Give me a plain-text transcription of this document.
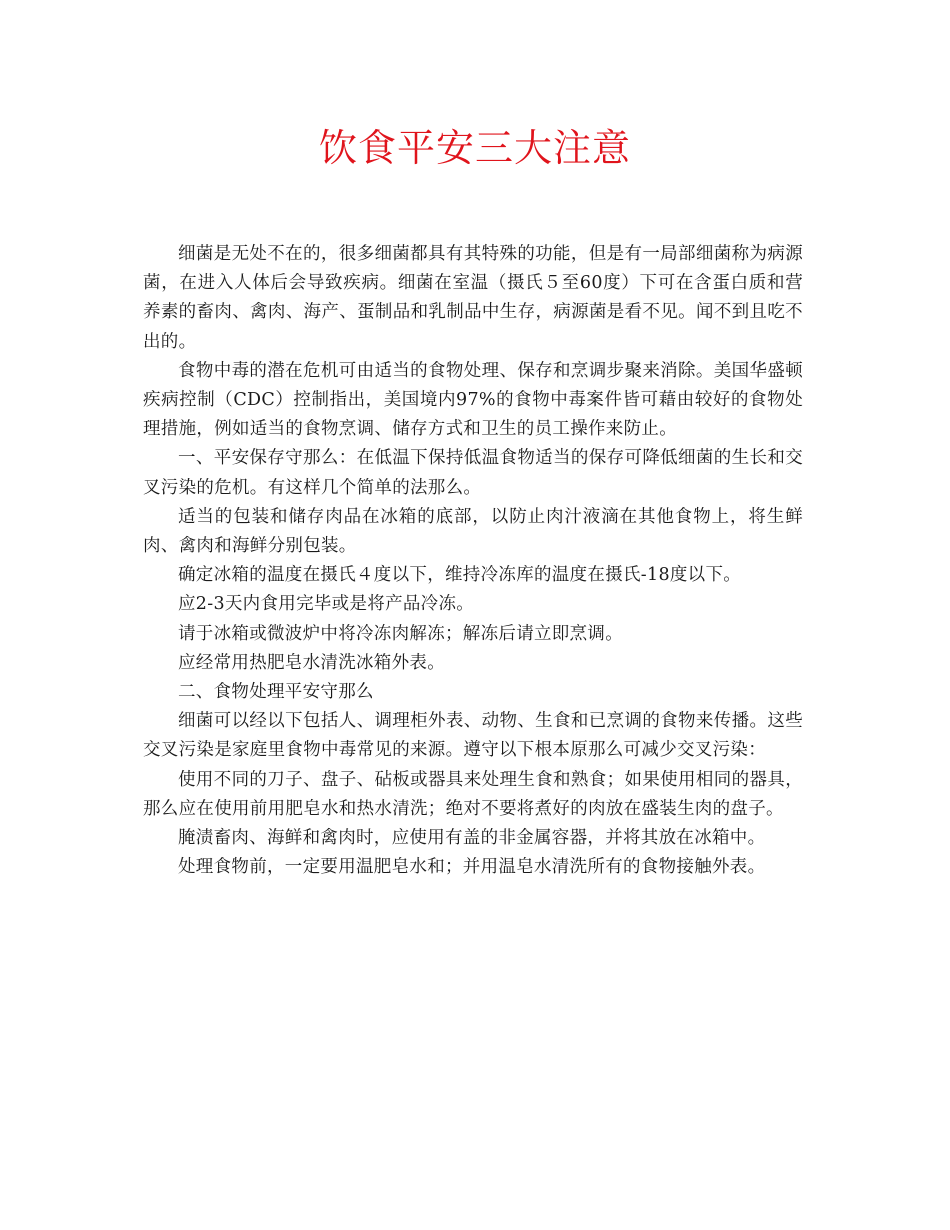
饮食平安三大注意

细菌是无处不在的，很多细菌都具有其特殊的功能，但是有一局部细菌称为病源菌，在进入人体后会导致疾病。细菌在室温（摄氏５至60度）下可在含蛋白质和营养素的畜肉、禽肉、海产、蛋制品和乳制品中生存，病源菌是看不见。闻不到且吃不出的。

食物中毒的潜在危机可由适当的食物处理、保存和烹调步聚来消除。美国华盛顿疾病控制（CDC）控制指出，美国境内97%的食物中毒案件皆可藉由较好的食物处理措施，例如适当的食物烹调、储存方式和卫生的员工操作来防止。

一、平安保存守那么：在低温下保持低温食物适当的保存可降低细菌的生长和交叉污染的危机。有这样几个简单的法那么。

适当的包装和储存肉品在冰箱的底部，以防止肉汁液滴在其他食物上，将生鲜肉、禽肉和海鲜分别包装。

确定冰箱的温度在摄氏４度以下，维持冷冻库的温度在摄氏-18度以下。

应2-3天内食用完毕或是将产品冷冻。

请于冰箱或微波炉中将冷冻肉解冻；解冻后请立即烹调。

应经常用热肥皂水清洗冰箱外表。

二、食物处理平安守那么

细菌可以经以下包括人、调理柜外表、动物、生食和已烹调的食物来传播。这些交叉污染是家庭里食物中毒常见的来源。遵守以下根本原那么可减少交叉污染：

使用不同的刀子、盘子、砧板或器具来处理生食和熟食；如果使用相同的器具，那么应在使用前用肥皂水和热水清洗；绝对不要将煮好的肉放在盛装生肉的盘子。

腌渍畜肉、海鲜和禽肉时，应使用有盖的非金属容器，并将其放在冰箱中。

处理食物前，一定要用温肥皂水和；并用温皂水清洗所有的食物接触外表。
